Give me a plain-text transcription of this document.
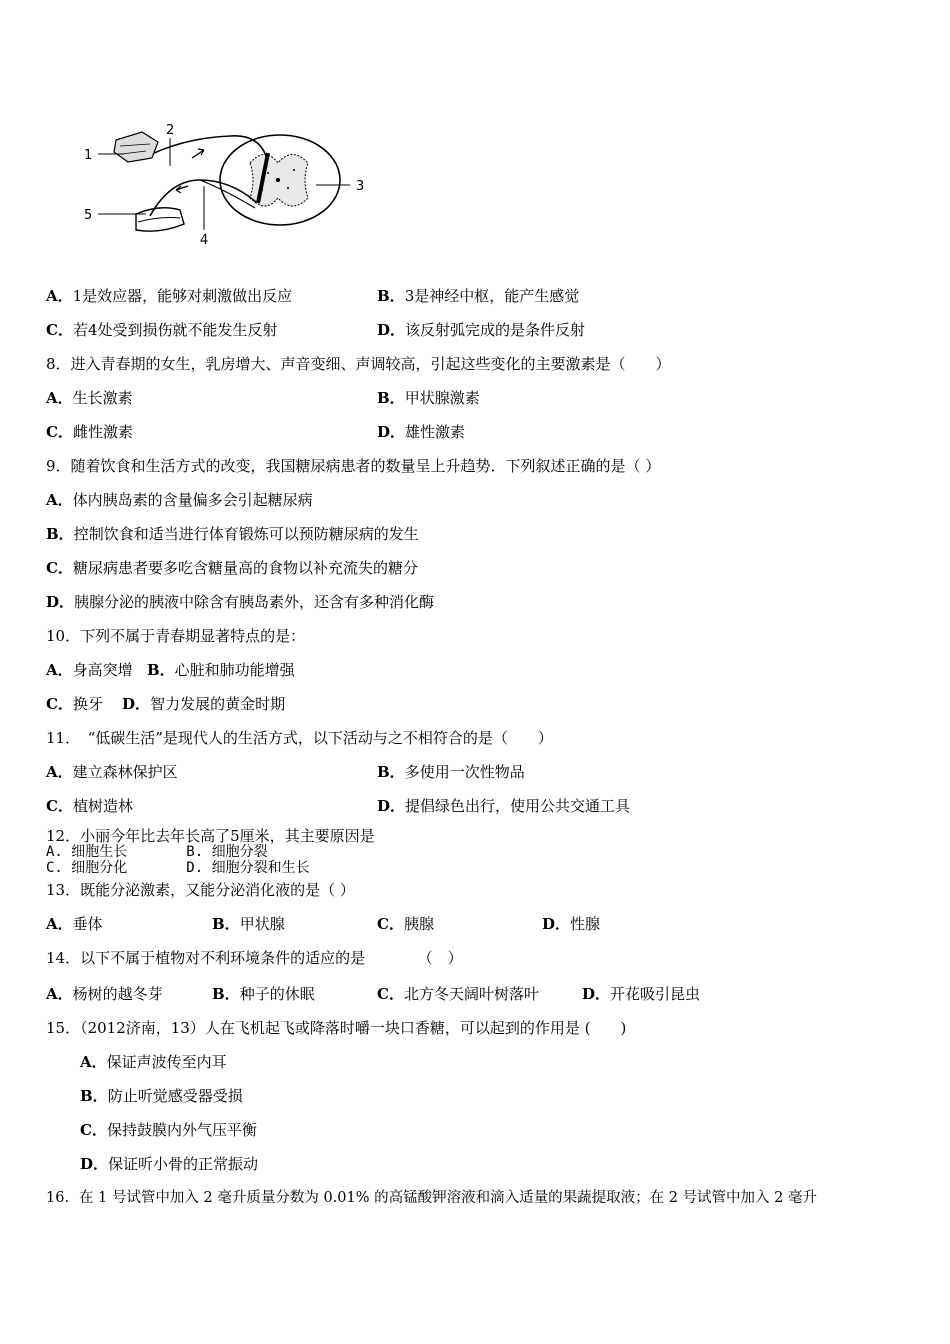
1
2
3
4
5
A．1是效应器，能够对刺激做出反应	B．3是神经中枢，能产生感觉
C．若4处受到损伤就不能发生反射	D．该反射弧完成的是条件反射
8．进入青春期的女生，乳房增大、声音变细、声调较高，引起这些变化的主要激素是（　　）
A．生长激素	B．甲状腺激素
C．雌性激素	D．雄性激素
9．随着饮食和生活方式的改变，我国糖尿病患者的数量呈上升趋势．下列叙述正确的是（ ）
A．体内胰岛素的含量偏多会引起糖尿病
B．控制饮食和适当进行体育锻炼可以预防糖尿病的发生
C．糖尿病患者要多吃含糖量高的食物以补充流失的糖分
D．胰腺分泌的胰液中除含有胰岛素外，还含有多种消化酶
10．下列不属于青春期显著特点的是：
A．身高突增 B．心脏和肺功能增强
C．换牙 D．智力发展的黄金时期
11．　“低碳生活”是现代人的生活方式，以下活动与之不相符合的是（　　）
A．建立森林保护区	B．多使用一次性物品
C．植树造林	D．提倡绿色出行，使用公共交通工具
12．小丽今年比去年长高了5厘米，其主要原因是
A. 细胞生长       B. 细胞分裂
C. 细胞分化       D. 细胞分裂和生长
13．既能分泌激素，又能分泌消化液的是（ ）
A．垂体	B．甲状腺	C．胰腺	D．性腺
14．以下不属于植物对不利环境条件的适应的是　　　　（　）
A．杨树的越冬芽	B．种子的休眠	C．北方冬天阔叶树落叶	D．开花吸引昆虫
15．（2012济南，13）人在飞机起飞或降落时嚼一块口香糖，可以起到的作用是 (　　)
A．保证声波传至内耳
B．防止听觉感受器受损
C．保持鼓膜内外气压平衡
D．保证听小骨的正常振动
16．在 1 号试管中加入 2 毫升质量分数为 0.01% 的高锰酸钾溶液和滴入适量的果蔬提取液；在 2 号试管中加入 2 毫升
